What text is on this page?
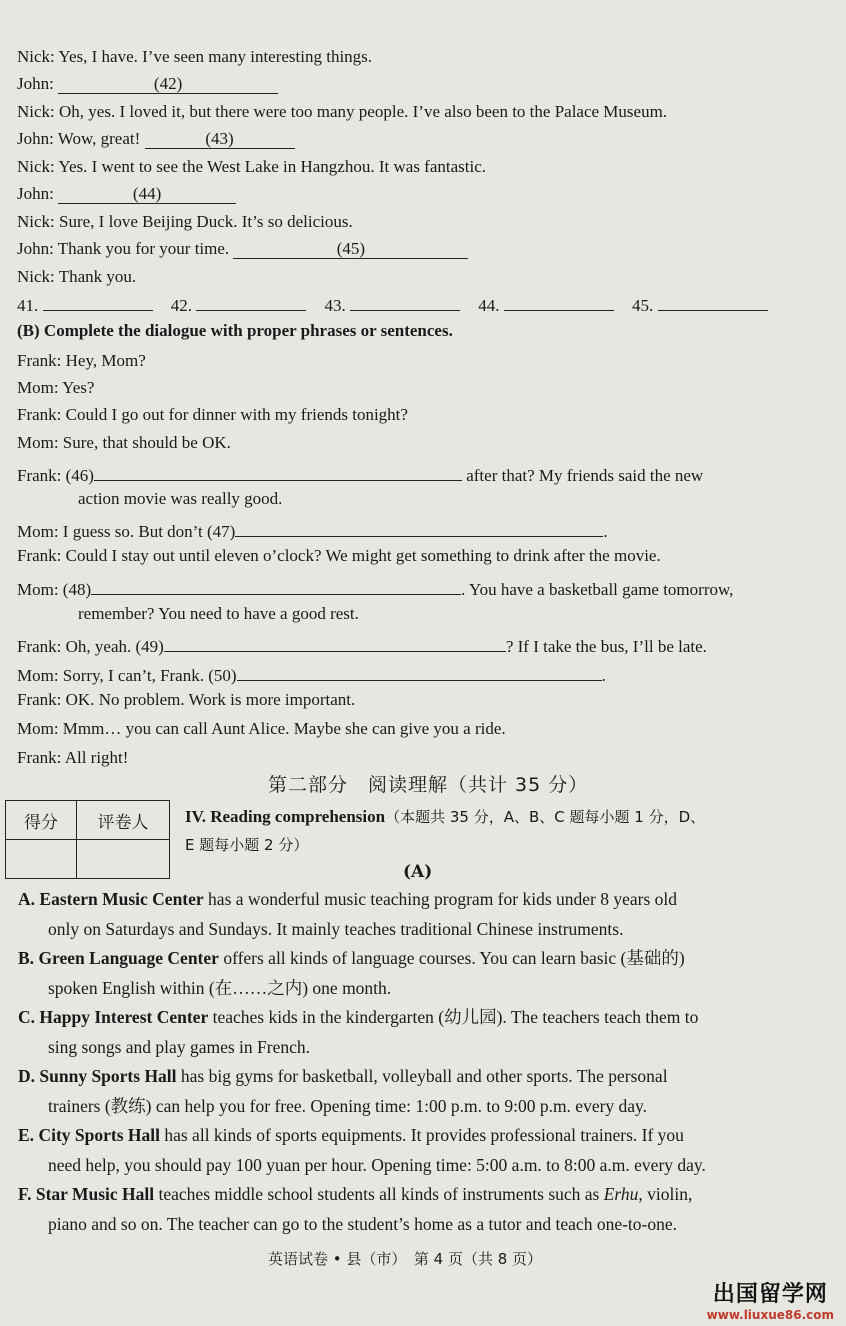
Nick: Yes, I have. I’ve seen many interesting things.
John:	(42)
Nick: Oh, yes. I loved it, but there were too many people. I’ve also been to the Palace Museum.
John: Wow, great!	(43)
Nick: Yes. I went to see the West Lake in Hangzhou. It was fantastic.
John:	(44)
Nick: Sure, I love Beijing Duck. It’s so delicious.
John: Thank you for your time.	(45)
Nick: Thank you.
41.	42.	43.	44.	45.
(B) Complete the dialogue with proper phrases or sentences.
Frank: Hey, Mom?
Mom: Yes?
Frank: Could I go out for dinner with my friends tonight?
Mom: Sure, that should be OK.
Frank: (46)	after that? My friends said the new
action movie was really good.
Mom: I guess so. But don’t (47)	.
Frank: Could I stay out until eleven o’clock? We might get something to drink after the movie.
Mom: (48)	. You have a basketball game tomorrow,
remember? You need to have a good rest.
Frank: Oh, yeah. (49)	? If I take the bus, I’ll be late.
Mom: Sorry, I can’t, Frank. (50)	.
Frank: OK. No problem. Work is more important.
Mom: Mmm… you can call Aunt Alice. Maybe she can give you a ride.
Frank: All right!
第二部分　阅读理解（共计 35 分）
得分	评卷人
	IV. Reading comprehension（本题共 35 分，A、B、C 题每小题 1 分，D、
E 题每小题 2 分）
(A)
A. Eastern Music Center has a wonderful music teaching program for kids under 8 years old
only on Saturdays and Sundays. It mainly teaches traditional Chinese instruments.
B. Green Language Center offers all kinds of language courses. You can learn basic (基础的)
spoken English within (在……之内) one month.
C. Happy Interest Center teaches kids in the kindergarten (幼儿园). The teachers teach them to
sing songs and play games in French.
D. Sunny Sports Hall has big gyms for basketball, volleyball and other sports. The personal
trainers (教练) can help you for free. Opening time: 1:00 p.m. to 9:00 p.m. every day.
E. City Sports Hall has all kinds of sports equipments. It provides professional trainers. If you
need help, you should pay 100 yuan per hour. Opening time: 5:00 a.m. to 8:00 a.m. every day.
F. Star Music Hall teaches middle school students all kinds of instruments such as Erhu, violin,
piano and so on. The teacher can go to the student’s home as a tutor and teach one-to-one.
英语试卷 • 县（市）　第 4 页（共 8 页）
出国留学网
www.liuxue86.com
